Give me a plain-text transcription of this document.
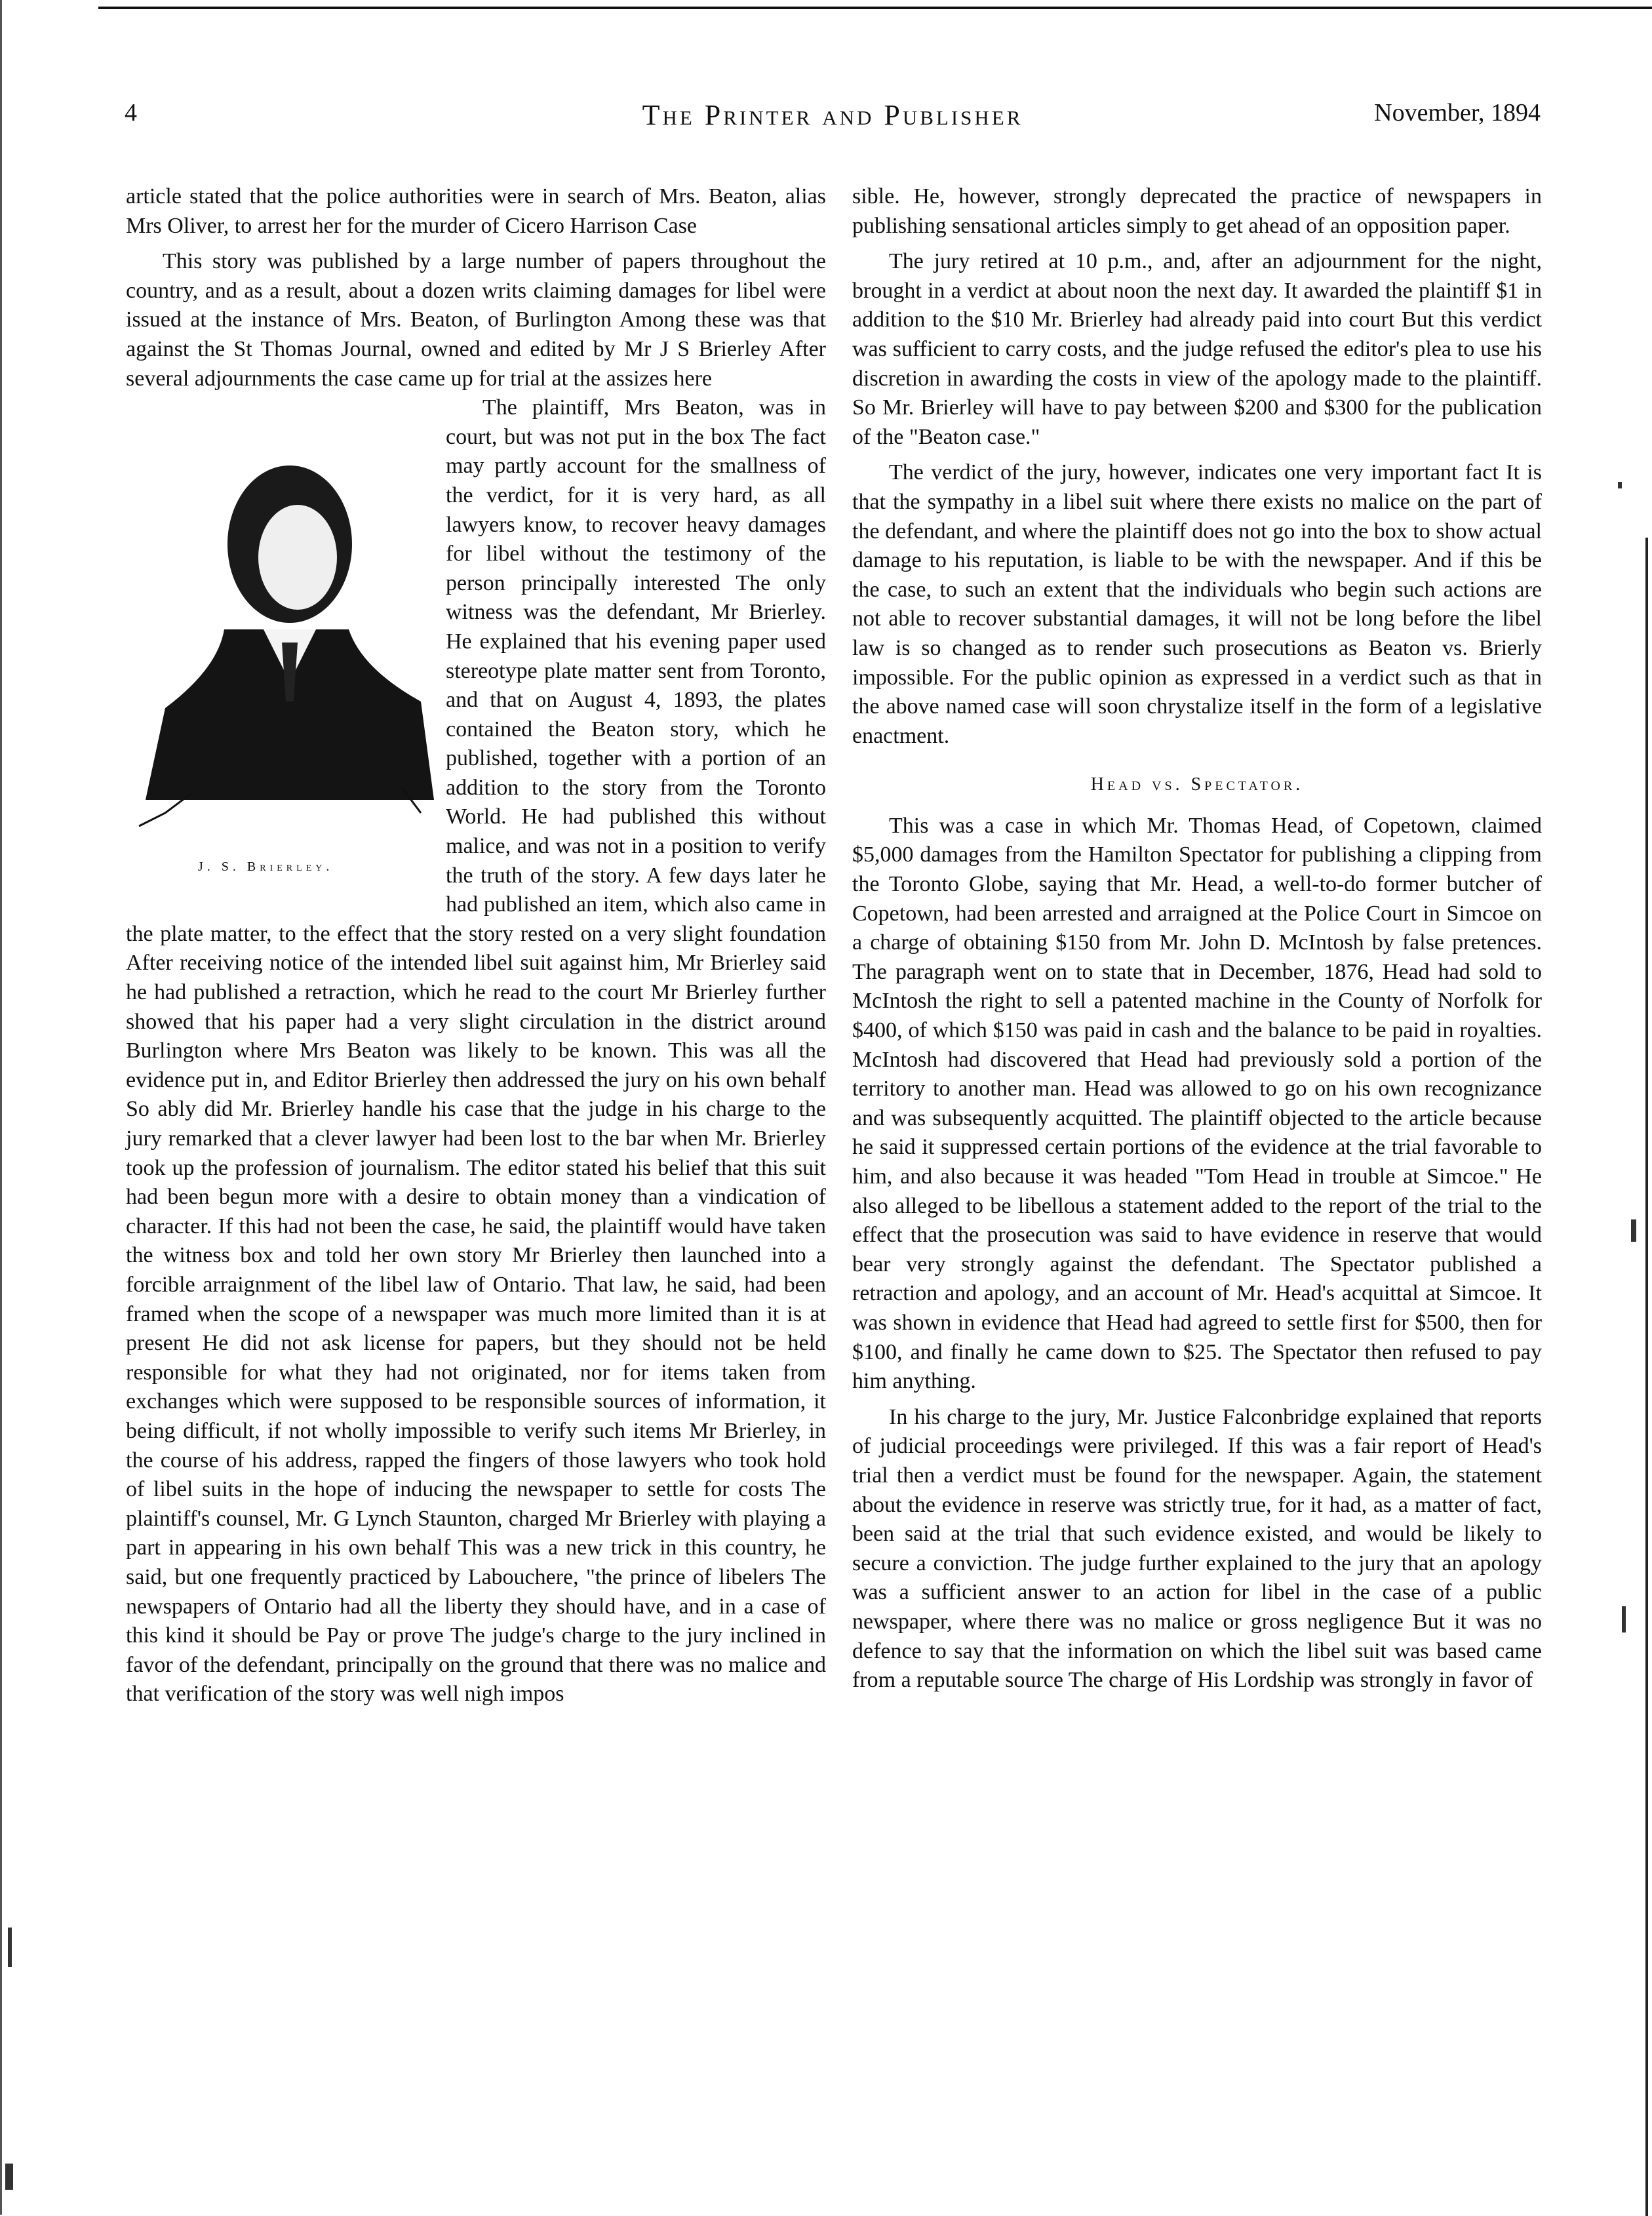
4	The Printer and Publisher	November, 1894

article stated that the police authorities were in search of Mrs. Beaton, alias Mrs Oliver, to arrest her for the murder of Cicero Harrison Case

This story was published by a large number of papers throughout the country, and as a result, about a dozen writs claiming damages for libel were issued at the instance of Mrs. Beaton, of Burlington Among these was that against the St Thomas Journal, owned and edited by Mr J S Brierley After several adjournments the case came up for trial at the assizes here

J. S. Brierley.

The plaintiff, Mrs Beaton, was in court, but was not put in the box The fact may partly account for the smallness of the verdict, for it is very hard, as all lawyers know, to recover heavy damages for libel without the testimony of the person principally interested The only witness was the defendant, Mr Brierley. He explained that his evening paper used stereotype plate matter sent from Toronto, and that on August 4, 1893, the plates contained the Beaton story, which he published, together with a portion of an addition to the story from the Toronto World. He had published this without malice, and was not in a position to verify the truth of the story. A few days later he had published an item, which also came in the plate matter, to the effect that the story rested on a very slight foundation After receiving notice of the intended libel suit against him, Mr Brierley said he had published a retraction, which he read to the court Mr Brierley further showed that his paper had a very slight circulation in the district around Burlington where Mrs Beaton was likely to be known. This was all the evidence put in, and Editor Brierley then addressed the jury on his own behalf So ably did Mr. Brierley handle his case that the judge in his charge to the jury remarked that a clever lawyer had been lost to the bar when Mr. Brierley took up the profession of journalism. The editor stated his belief that this suit had been begun more with a desire to obtain money than a vindication of character. If this had not been the case, he said, the plaintiff would have taken the witness box and told her own story Mr Brierley then launched into a forcible arraignment of the libel law of Ontario. That law, he said, had been framed when the scope of a newspaper was much more limited than it is at present He did not ask license for papers, but they should not be held responsible for what they had not originated, nor for items taken from exchanges which were supposed to be responsible sources of information, it being difficult, if not wholly impossible to verify such items Mr Brierley, in the course of his address, rapped the fingers of those lawyers who took hold of libel suits in the hope of inducing the newspaper to settle for costs The plaintiff's counsel, Mr. G Lynch Staunton, charged Mr Brierley with playing a part in appearing in his own behalf This was a new trick in this country, he said, but one frequently practiced by Labouchere, "the prince of libelers The newspapers of Ontario had all the liberty they should have, and in a case of this kind it should be Pay or prove The judge's charge to the jury inclined in favor of the defendant, principally on the ground that there was no malice and that verification of the story was well nigh impos

sible. He, however, strongly deprecated the practice of newspapers in publishing sensational articles simply to get ahead of an opposition paper.

The jury retired at 10 p.m., and, after an adjournment for the night, brought in a verdict at about noon the next day. It awarded the plaintiff $1 in addition to the $10 Mr. Brierley had already paid into court But this verdict was sufficient to carry costs, and the judge refused the editor's plea to use his discretion in awarding the costs in view of the apology made to the plaintiff. So Mr. Brierley will have to pay between $200 and $300 for the publication of the "Beaton case."

The verdict of the jury, however, indicates one very important fact It is that the sympathy in a libel suit where there exists no malice on the part of the defendant, and where the plaintiff does not go into the box to show actual damage to his reputation, is liable to be with the newspaper. And if this be the case, to such an extent that the individuals who begin such actions are not able to recover substantial damages, it will not be long before the libel law is so changed as to render such prosecutions as Beaton vs. Brierly impossible. For the public opinion as expressed in a verdict such as that in the above named case will soon chrystalize itself in the form of a legislative enactment.

Head vs. Spectator.

This was a case in which Mr. Thomas Head, of Copetown, claimed $5,000 damages from the Hamilton Spectator for publishing a clipping from the Toronto Globe, saying that Mr. Head, a well-to-do former butcher of Copetown, had been arrested and arraigned at the Police Court in Simcoe on a charge of obtaining $150 from Mr. John D. McIntosh by false pretences. The paragraph went on to state that in December, 1876, Head had sold to McIntosh the right to sell a patented machine in the County of Norfolk for $400, of which $150 was paid in cash and the balance to be paid in royalties. McIntosh had discovered that Head had previously sold a portion of the territory to another man. Head was allowed to go on his own recognizance and was subsequently acquitted. The plaintiff objected to the article because he said it suppressed certain portions of the evidence at the trial favorable to him, and also because it was headed "Tom Head in trouble at Simcoe." He also alleged to be libellous a statement added to the report of the trial to the effect that the prosecution was said to have evidence in reserve that would bear very strongly against the defendant. The Spectator published a retraction and apology, and an account of Mr. Head's acquittal at Simcoe. It was shown in evidence that Head had agreed to settle first for $500, then for $100, and finally he came down to $25. The Spectator then refused to pay him anything.

In his charge to the jury, Mr. Justice Falconbridge explained that reports of judicial proceedings were privileged. If this was a fair report of Head's trial then a verdict must be found for the newspaper. Again, the statement about the evidence in reserve was strictly true, for it had, as a matter of fact, been said at the trial that such evidence existed, and would be likely to secure a conviction. The judge further explained to the jury that an apology was a sufficient answer to an action for libel in the case of a public newspaper, where there was no malice or gross negligence But it was no defence to say that the information on which the libel suit was based came from a reputable source The charge of His Lordship was strongly in favor of
